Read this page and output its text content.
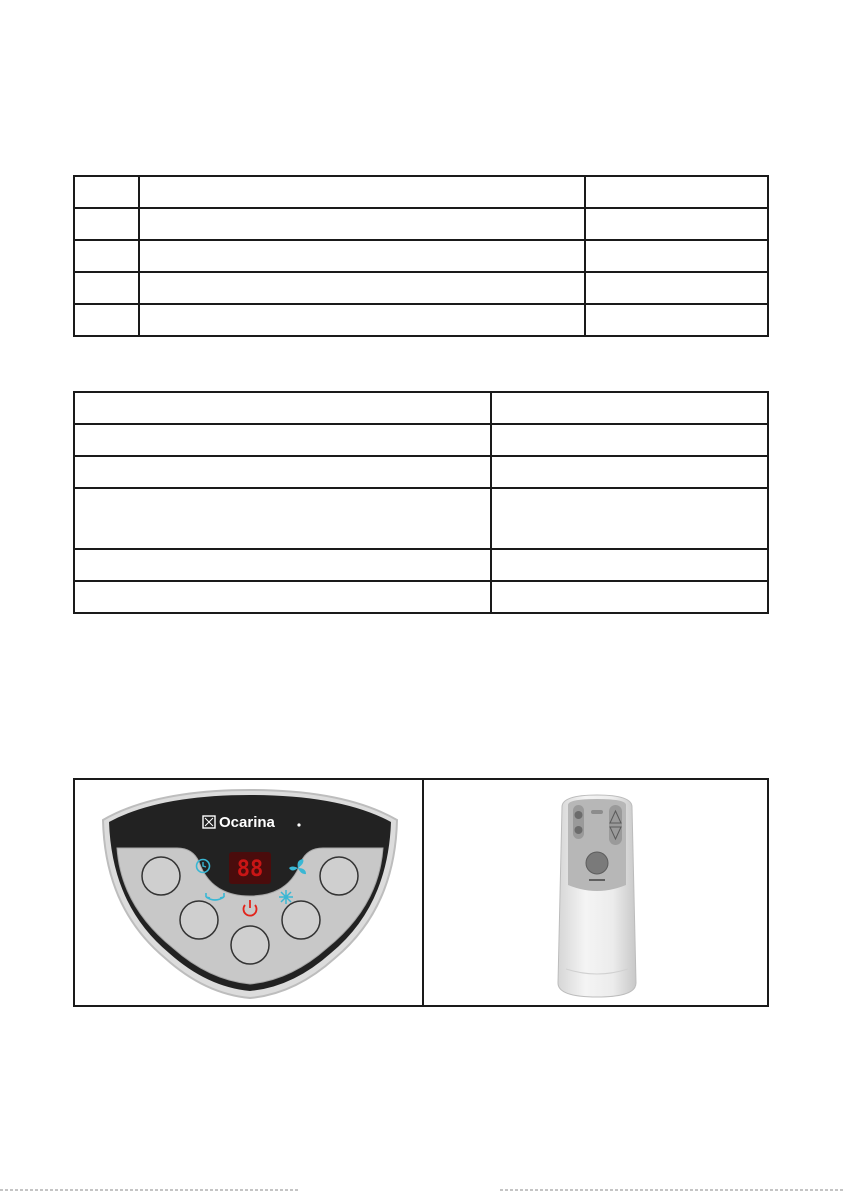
Ocarina
88
